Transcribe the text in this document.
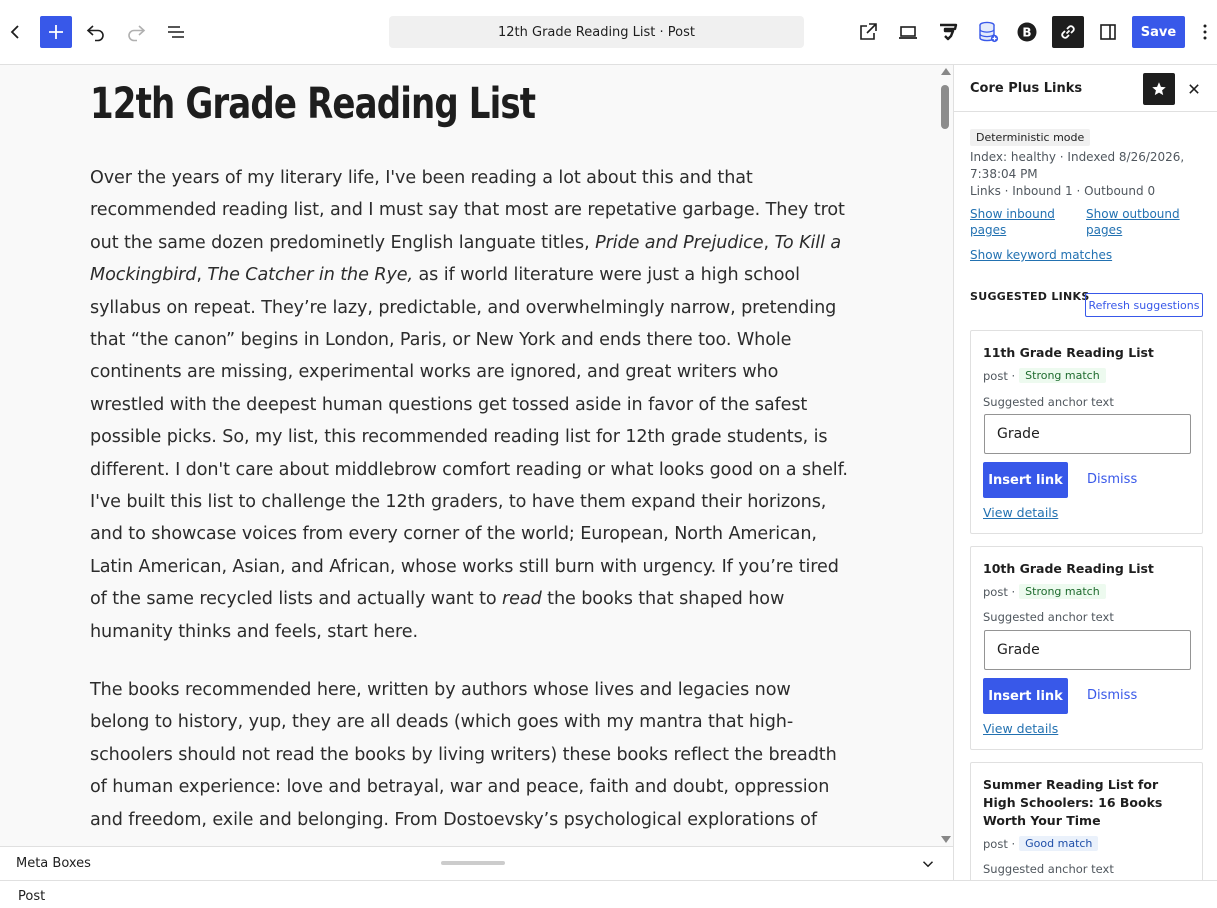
12th Grade Reading List · Post	B	Save
12th Grade Reading List

Over the years of my literary life, I've been reading a lot about this and that recommended reading list, and I must say that most are repetative garbage. They trot out the same dozen predominetly English languate titles, Pride and Prejudice, To Kill a Mockingbird, The Catcher in the Rye, as if world literature were just a high school syllabus on repeat. They’re lazy, predictable, and overwhelmingly narrow, pretending that “the canon” begins in London, Paris, or New York and ends there too. Whole continents are missing, experimental works are ignored, and great writers who wrestled with the deepest human questions get tossed aside in favor of the safest possible picks. So, my list, this recommended reading list for 12th grade students, is different. I don't care about middlebrow comfort reading or what looks good on a shelf. I've built this list to challenge the 12th graders, to have them expand their horizons, and to showcase voices from every corner of the world; European, North American, Latin American, Asian, and African, whose works still burn with urgency. If you’re tired of the same recycled lists and actually want to read the books that shaped how humanity thinks and feels, start here.

The books recommended here, written by authors whose lives and legacies now belong to history, yup, they are all deads (which goes with my mantra that high-schoolers should not read the books by living writers) these books reflect the breadth of human experience: love and betrayal, war and peace, faith and doubt, oppression and freedom, exile and belonging. From Dostoevsky’s psychological explorations of

Meta Boxes
Post
Core Plus Links
Deterministic mode
Index: healthy · Indexed 8/26/2026, 7:38:04 PM
Links · Inbound 1 · Outbound 0
Show inbound pages
Show outbound pages
Show keyword matches
SUGGESTED LINKS
Refresh suggestions
11th Grade Reading List
post · Strong match
Suggested anchor text
Grade
Insert link	Dismiss
View details
10th Grade Reading List
post · Strong match
Suggested anchor text
Grade
Insert link	Dismiss
View details
Summer Reading List for High Schoolers: 16 Books Worth Your Time
post · Good match
Suggested anchor text
